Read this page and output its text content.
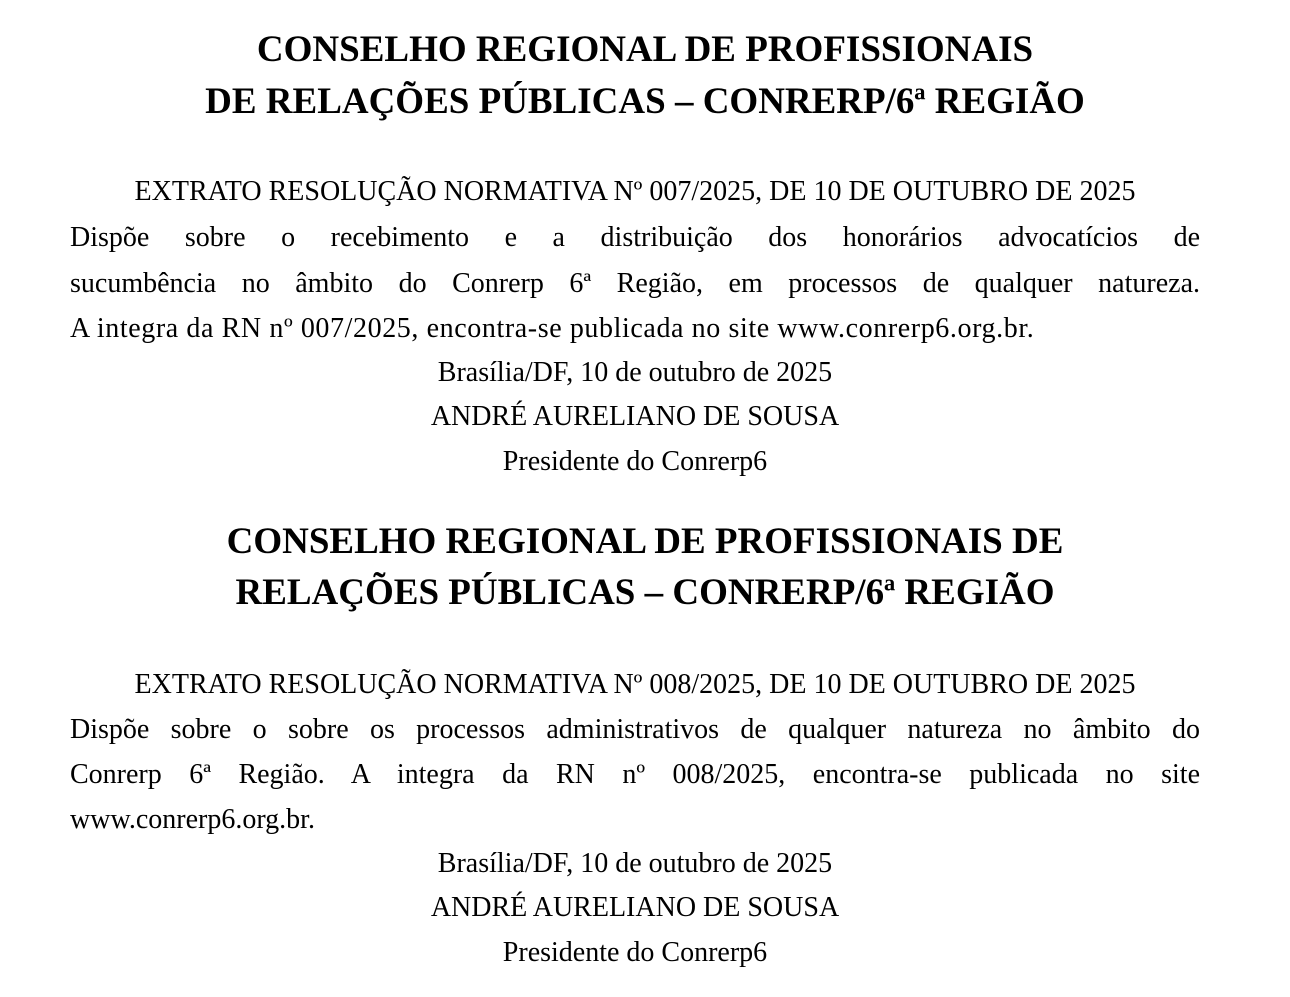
CONSELHO REGIONAL DE PROFISSIONAIS
DE RELAÇÕES PÚBLICAS – CONRERP/6ª REGIÃO
EXTRATO RESOLUÇÃO NORMATIVA Nº 007/2025, DE 10 DE OUTUBRO DE 2025
Dispõe sobre o recebimento e a distribuição dos honorários advocatícios de
sucumbência no âmbito do Conrerp 6ª Região, em processos de qualquer natureza.
A integra da RN nº 007/2025, encontra-se publicada no site www.conrerp6.org.br.
Brasília/DF, 10 de outubro de 2025
ANDRÉ AURELIANO DE SOUSA
Presidente do Conrerp6
CONSELHO REGIONAL DE PROFISSIONAIS DE
RELAÇÕES PÚBLICAS – CONRERP/6ª REGIÃO
EXTRATO RESOLUÇÃO NORMATIVA Nº 008/2025, DE 10 DE OUTUBRO DE 2025
Dispõe sobre o sobre os processos administrativos de qualquer natureza no âmbito do
Conrerp 6ª Região. A integra da RN nº 008/2025, encontra-se publicada no site
www.conrerp6.org.br.
Brasília/DF, 10 de outubro de 2025
ANDRÉ AURELIANO DE SOUSA
Presidente do Conrerp6
